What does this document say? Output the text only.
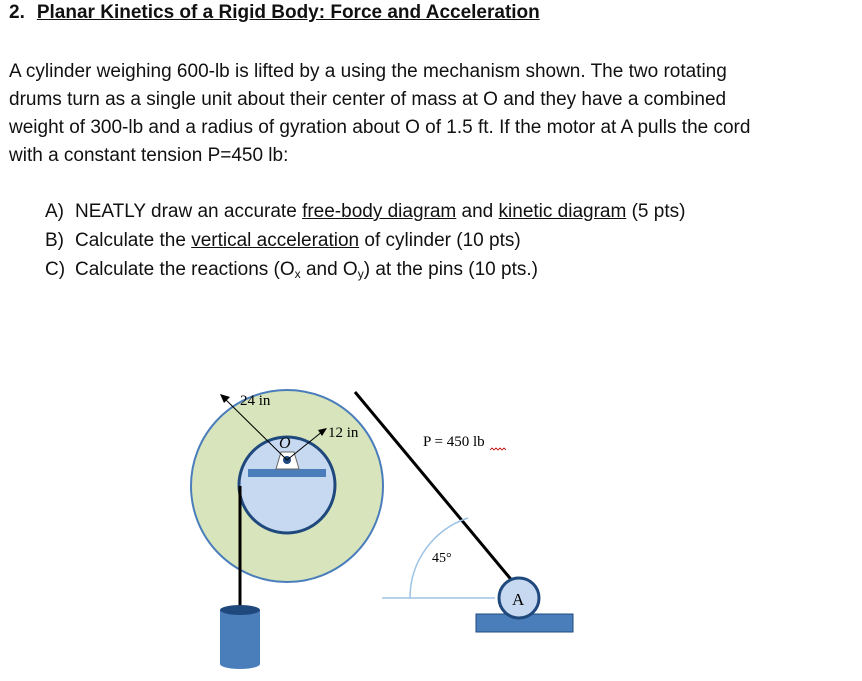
2. Planar Kinetics of a Rigid Body: Force and Acceleration
A cylinder weighing 600-lb is lifted by a using the mechanism shown. The two rotating
drums turn as a single unit about their center of mass at O and they have a combined
weight of 300-lb and a radius of gyration about O of 1.5 ft. If the motor at A pulls the cord
with a constant tension P=450 lb:
A) NEATLY draw an accurate free-body diagram and kinetic diagram (5 pts)
B) Calculate the vertical acceleration of cylinder (10 pts)
C) Calculate the reactions ($O_x$ and $O_y$) at the pins (10 pts.)
24 in
12 in
O	P = 450 lb
45°
A
